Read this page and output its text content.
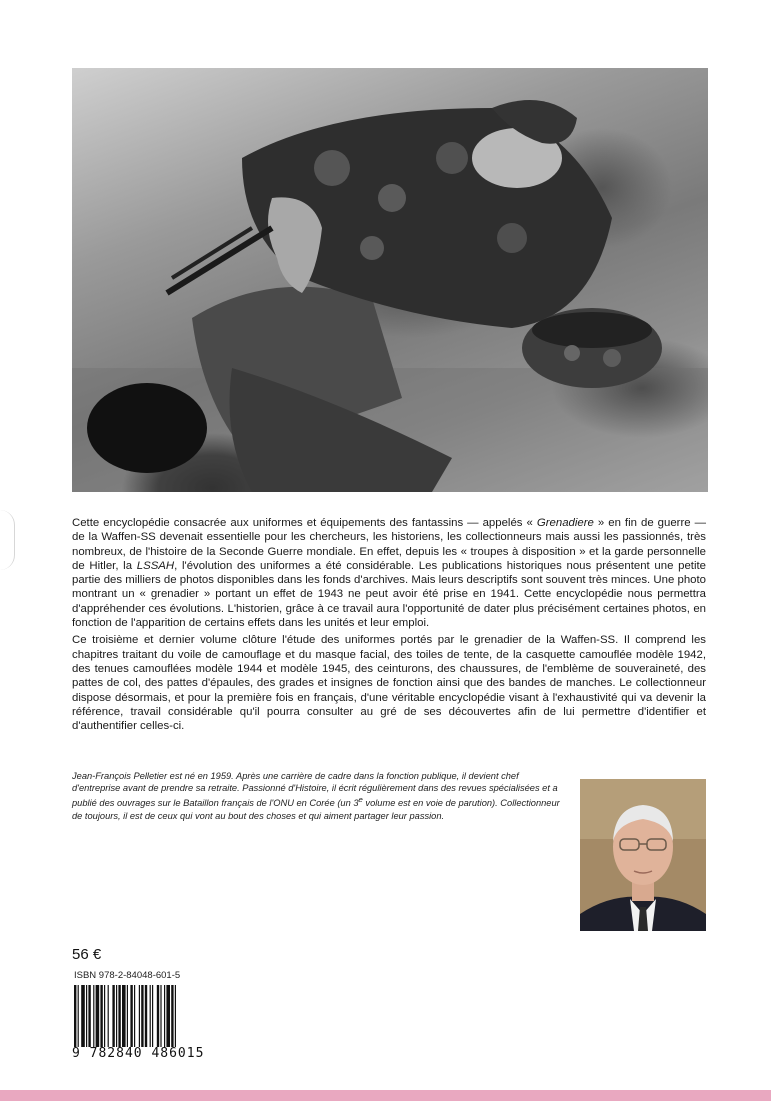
Cette encyclopédie consacrée aux uniformes et équipements des fantassins — appelés « Grenadiere » en fin de guerre — de la Waffen-SS devenait essentielle pour les chercheurs, les historiens, les collectionneurs mais aussi les passionnés, très nombreux, de l'histoire de la Seconde Guerre mondiale. En effet, depuis les « troupes à disposition » et la garde personnelle de Hitler, la LSSAH, l'évolution des uniformes a été considérable. Les publications historiques nous présentent une petite partie des milliers de photos disponibles dans les fonds d'archives. Mais leurs descriptifs sont souvent très minces. Une photo montrant un « grenadier » portant un effet de 1943 ne peut avoir été prise en 1941. Cette encyclopédie nous permettra d'appréhender ces évolutions. L'historien, grâce à ce travail aura l'opportunité de dater plus précisément certaines photos, en fonction de l'apparition de certains effets dans les unités et leur emploi.

Ce troisième et dernier volume clôture l'étude des uniformes portés par le grenadier de la Waffen-SS. Il comprend les chapitres traitant du voile de camouflage et du masque facial, des toiles de tente, de la casquette camouflée modèle 1942, des tenues camouflées modèle 1944 et modèle 1945, des ceinturons, des chaussures, de l'emblème de souveraineté, des pattes de col, des pattes d'épaules, des grades et insignes de fonction ainsi que des bandes de manches. Le collectionneur dispose désormais, et pour la première fois en français, d'une véritable encyclopédie visant à l'exhaustivité qui va devenir la référence, travail considérable qu'il pourra consulter au gré de ses découvertes afin de lui permettre d'identifier et d'authentifier celles-ci.

Jean-François Pelletier est né en 1959. Après une carrière de cadre dans la fonction publique, il devient chef d'entreprise avant de prendre sa retraite. Passionné d'Histoire, il écrit régulièrement dans des revues spécialisées et a publié des ouvrages sur le Bataillon français de l'ONU en Corée (un 3e volume est en voie de parution). Collectionneur de toujours, il est de ceux qui vont au bout des choses et qui aiment partager leur passion.
56 €
ISBN 978-2-84048-601-5
9 782840 486015
